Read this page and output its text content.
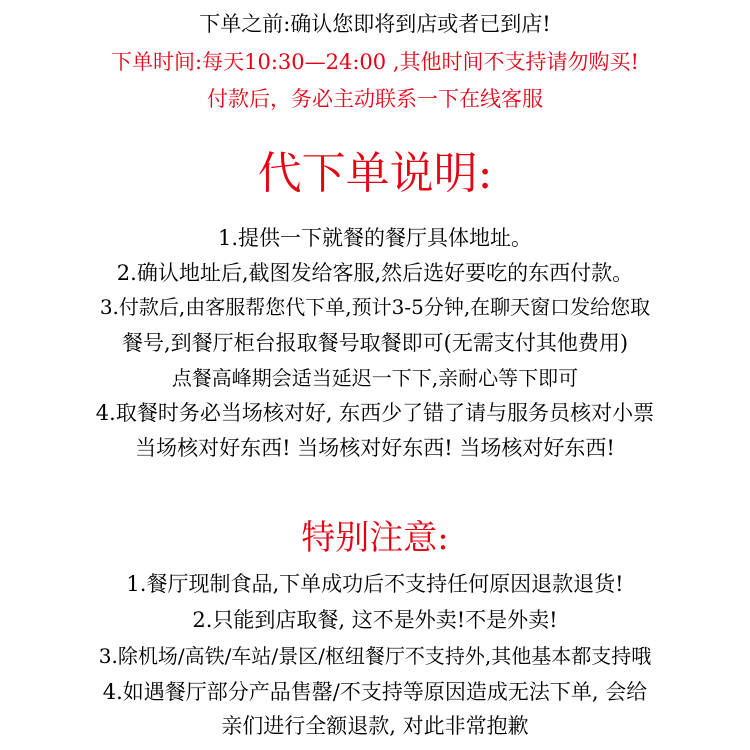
下单之前:确认您即将到店或者已到店!
下单时间:每天10:30—24:00 ,其他时间不支持请勿购买!
付款后，务必主动联系一下在线客服
代下单说明:
1.提供一下就餐的餐厅具体地址。
2.确认地址后,截图发给客服,然后选好要吃的东西付款。
3.付款后,由客服帮您代下单,预计3-5分钟,在聊天窗口发给您取
餐号,到餐厅柜台报取餐号取餐即可(无需支付其他费用)
点餐高峰期会适当延迟一下下,亲耐心等下即可
4.取餐时务必当场核对好, 东西少了错了请与服务员核对小票
当场核对好东西! 当场核对好东西! 当场核对好东西!
特别注意:
1.餐厅现制食品,下单成功后不支持任何原因退款退货!
2.只能到店取餐, 这不是外卖!不是外卖!
3.除机场/高铁/车站/景区/枢纽餐厅不支持外,其他基本都支持哦
4.如遇餐厅部分产品售罄/不支持等原因造成无法下单, 会给
亲们进行全额退款, 对此非常抱歉
